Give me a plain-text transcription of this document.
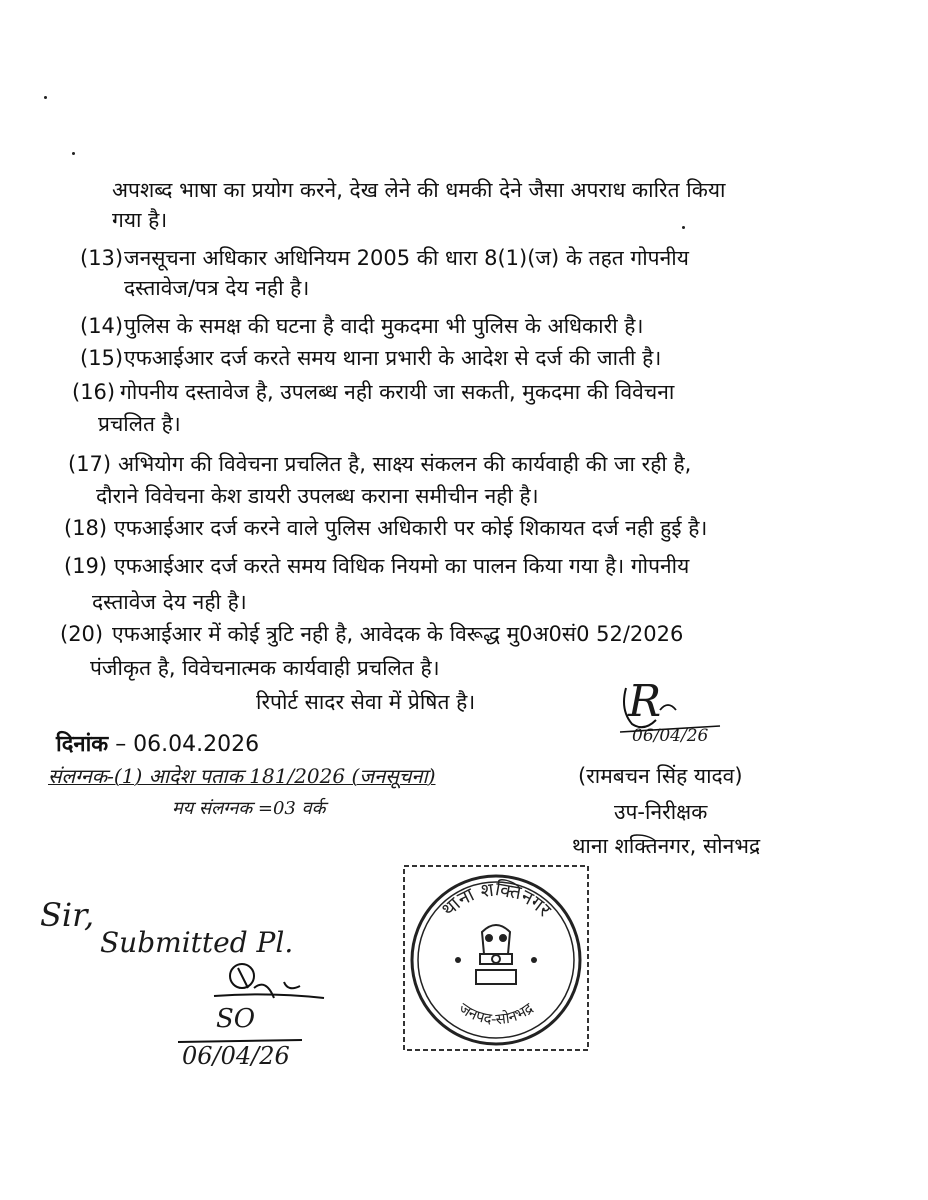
अपशब्द भाषा का प्रयोग करने, देख लेने की धमकी देने जैसा अपराध कारित किया
गया है।
(13) जनसूचना अधिकार अधिनियम 2005 की धारा 8(1)(ज) के तहत गोपनीय
दस्तावेज/पत्र देय नही है।
(14) पुलिस के समक्ष की घटना है वादी मुकदमा भी पुलिस के अधिकारी है।
(15) एफआईआर दर्ज करते समय थाना प्रभारी के आदेश से दर्ज की जाती है।
(16) गोपनीय दस्तावेज है, उपलब्ध नही करायी जा सकती, मुकदमा की विवेचना
प्रचलित है।
(17) अभियोग की विवेचना प्रचलित है, साक्ष्य संकलन की कार्यवाही की जा रही है,
दौराने विवेचना केश डायरी उपलब्ध कराना समीचीन नही है।
(18) एफआईआर दर्ज करने वाले पुलिस अधिकारी पर कोई शिकायत दर्ज नही हुई है।
(19) एफआईआर दर्ज करते समय विधिक नियमो का पालन किया गया है। गोपनीय
दस्तावेज देय नही है।
(20) एफआईआर में कोई त्रुटि नही है, आवेदक के विरूद्ध मु0अ0सं0 52/2026
पंजीकृत है, विवेचनात्मक कार्यवाही प्रचलित है।
रिपोर्ट सादर सेवा में प्रेषित है।
दिनांक – 06.04.2026
संलग्नक-(1) आदेश पताक 181/2026 (जनसूचना)
मय संलग्नक =03 वर्क
R
06/04/26
(रामबचन सिंह यादव)
उप-निरीक्षक
थाना शक्तिनगर, सोनभद्र
थाना शक्तिनगर
जनपद-सोनभद्र
Sir,
Submitted Pl.
SO
06/04/26
